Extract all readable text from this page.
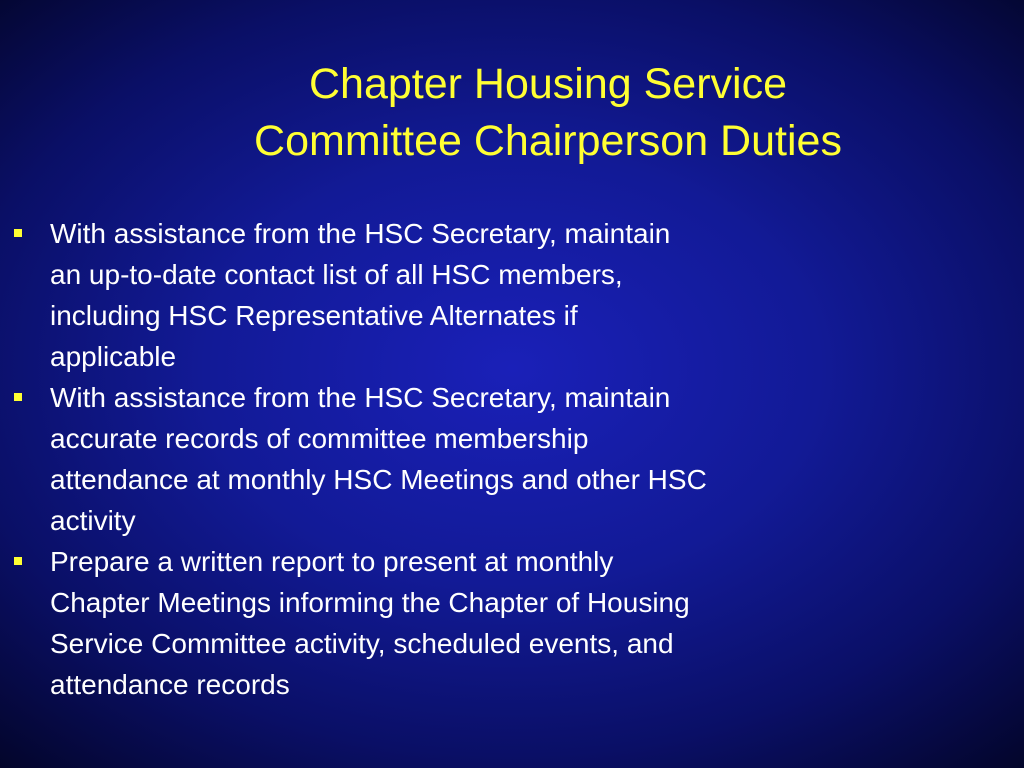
Chapter Housing Service
Committee Chairperson Duties
With assistance from the HSC Secretary, maintain
an up-to-date contact list of all HSC members,
including HSC Representative Alternates if
applicable
With assistance from the HSC Secretary, maintain
accurate records of committee membership
attendance at monthly HSC Meetings and other HSC
activity
Prepare a written report to present at monthly
Chapter Meetings informing the Chapter of Housing
Service Committee activity, scheduled events, and
attendance records
